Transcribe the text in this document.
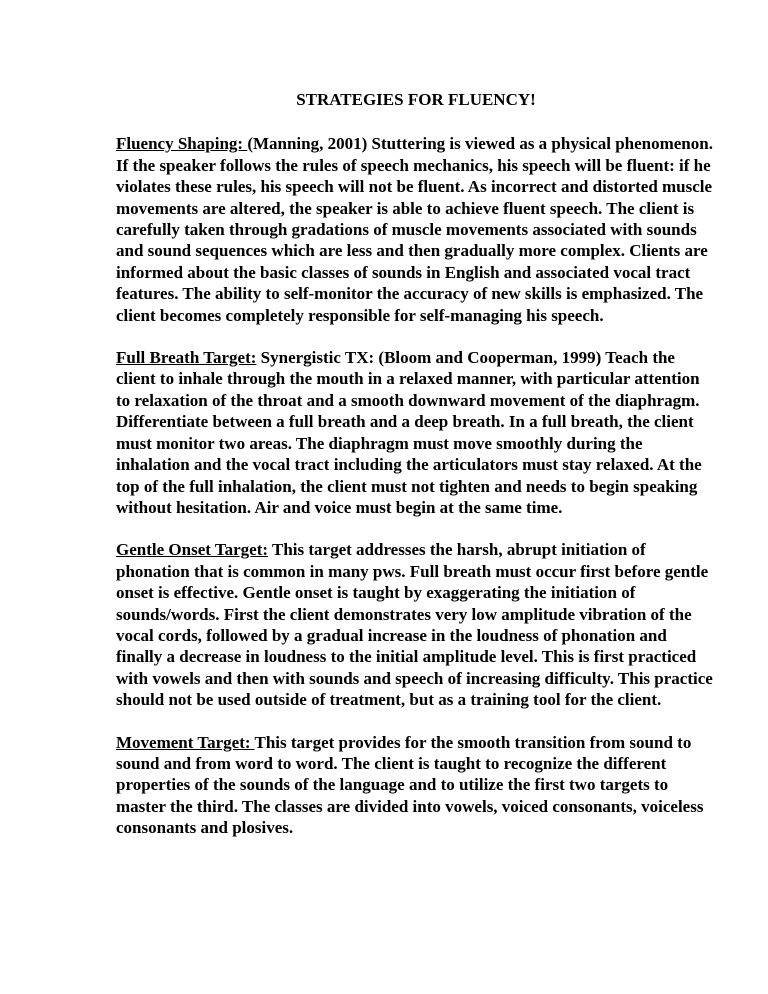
STRATEGIES FOR FLUENCY!

Fluency Shaping: (Manning, 2001) Stuttering is viewed as a physical phenomenon. If the speaker follows the rules of speech mechanics, his speech will be fluent: if he violates these rules, his speech will not be fluent. As incorrect and distorted muscle movements are altered, the speaker is able to achieve fluent speech. The client is carefully taken through gradations of muscle movements associated with sounds and sound sequences which are less and then gradually more complex. Clients are informed about the basic classes of sounds in English and associated vocal tract features. The ability to self-monitor the accuracy of new skills is emphasized. The client becomes completely responsible for self-managing his speech.

Full Breath Target: Synergistic TX: (Bloom and Cooperman, 1999) Teach the client to inhale through the mouth in a relaxed manner, with particular attention to relaxation of the throat and a smooth downward movement of the diaphragm. Differentiate between a full breath and a deep breath. In a full breath, the client must monitor two areas. The diaphragm must move smoothly during the inhalation and the vocal tract including the articulators must stay relaxed. At the top of the full inhalation, the client must not tighten and needs to begin speaking without hesitation. Air and voice must begin at the same time.

Gentle Onset Target: This target addresses the harsh, abrupt initiation of phonation that is common in many pws. Full breath must occur first before gentle onset is effective. Gentle onset is taught by exaggerating the initiation of sounds/words. First the client demonstrates very low amplitude vibration of the vocal cords, followed by a gradual increase in the loudness of phonation and finally a decrease in loudness to the initial amplitude level. This is first practiced with vowels and then with sounds and speech of increasing difficulty. This practice should not be used outside of treatment, but as a training tool for the client.

Movement Target: This target provides for the smooth transition from sound to sound and from word to word. The client is taught to recognize the different properties of the sounds of the language and to utilize the first two targets to master the third. The classes are divided into vowels, voiced consonants, voiceless consonants and plosives.
